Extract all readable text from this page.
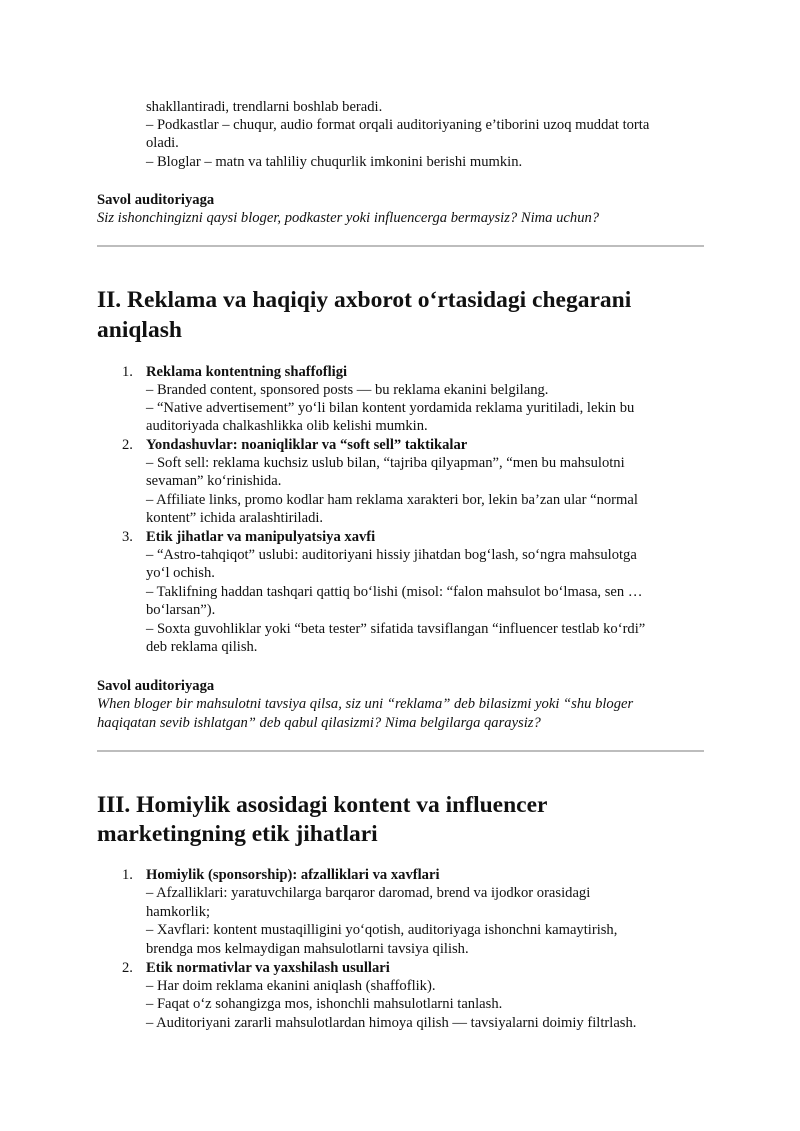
shakllantiradi, trendlarni boshlab beradi.
– Podkastlar – chuqur, audio format orqali auditoriyaning e’tiborini uzoq muddat torta
oladi.
– Bloglar – matn va tahliliy chuqurlik imkonini berishi mumkin.
Savol auditoriyaga
Siz ishonchingizni qaysi bloger, podkaster yoki influencerga bermaysiz? Nima uchun?
II. Reklama va haqiqiy axborot o‘rtasidagi chegarani
aniqlash
1. Reklama kontentning shaffofligi
– Branded content, sponsored posts — bu reklama ekanini belgilang.
– “Native advertisement” yo‘li bilan kontent yordamida reklama yuritiladi, lekin bu
auditoriyada chalkashlikka olib kelishi mumkin.
2. Yondashuvlar: noaniqliklar va “soft sell” taktikalar
– Soft sell: reklama kuchsiz uslub bilan, “tajriba qilyapman”, “men bu mahsulotni
sevaman” ko‘rinishida.
– Affiliate links, promo kodlar ham reklama xarakteri bor, lekin ba’zan ular “normal
kontent” ichida aralashtiriladi.
3. Etik jihatlar va manipulyatsiya xavfi
– “Astro-tahqiqot” uslubi: auditoriyani hissiy jihatdan bog‘lash, so‘ngra mahsulotga
yo‘l ochish.
– Taklifning haddan tashqari qattiq bo‘lishi (misol: “falon mahsulot bo‘lmasa, sen …
bo‘larsan”).
– Soxta guvohliklar yoki “beta tester” sifatida tavsiflangan “influencer testlab ko‘rdi”
deb reklama qilish.
Savol auditoriyaga
When bloger bir mahsulotni tavsiya qilsa, siz uni “reklama” deb bilasizmi yoki “shu bloger
haqiqatan sevib ishlatgan” deb qabul qilasizmi? Nima belgilarga qaraysiz?
III. Homiylik asosidagi kontent va influencer
marketingning etik jihatlari
1. Homiylik (sponsorship): afzalliklari va xavflari
– Afzalliklari: yaratuvchilarga barqaror daromad, brend va ijodkor orasidagi
hamkorlik;
– Xavflari: kontent mustaqilligini yo‘qotish, auditoriyaga ishonchni kamaytirish,
brendga mos kelmaydigan mahsulotlarni tavsiya qilish.
2. Etik normativlar va yaxshilash usullari
– Har doim reklama ekanini aniqlash (shaffoflik).
– Faqat o‘z sohangizga mos, ishonchli mahsulotlarni tanlash.
– Auditoriyani zararli mahsulotlardan himoya qilish — tavsiyalarni doimiy filtrlash.
